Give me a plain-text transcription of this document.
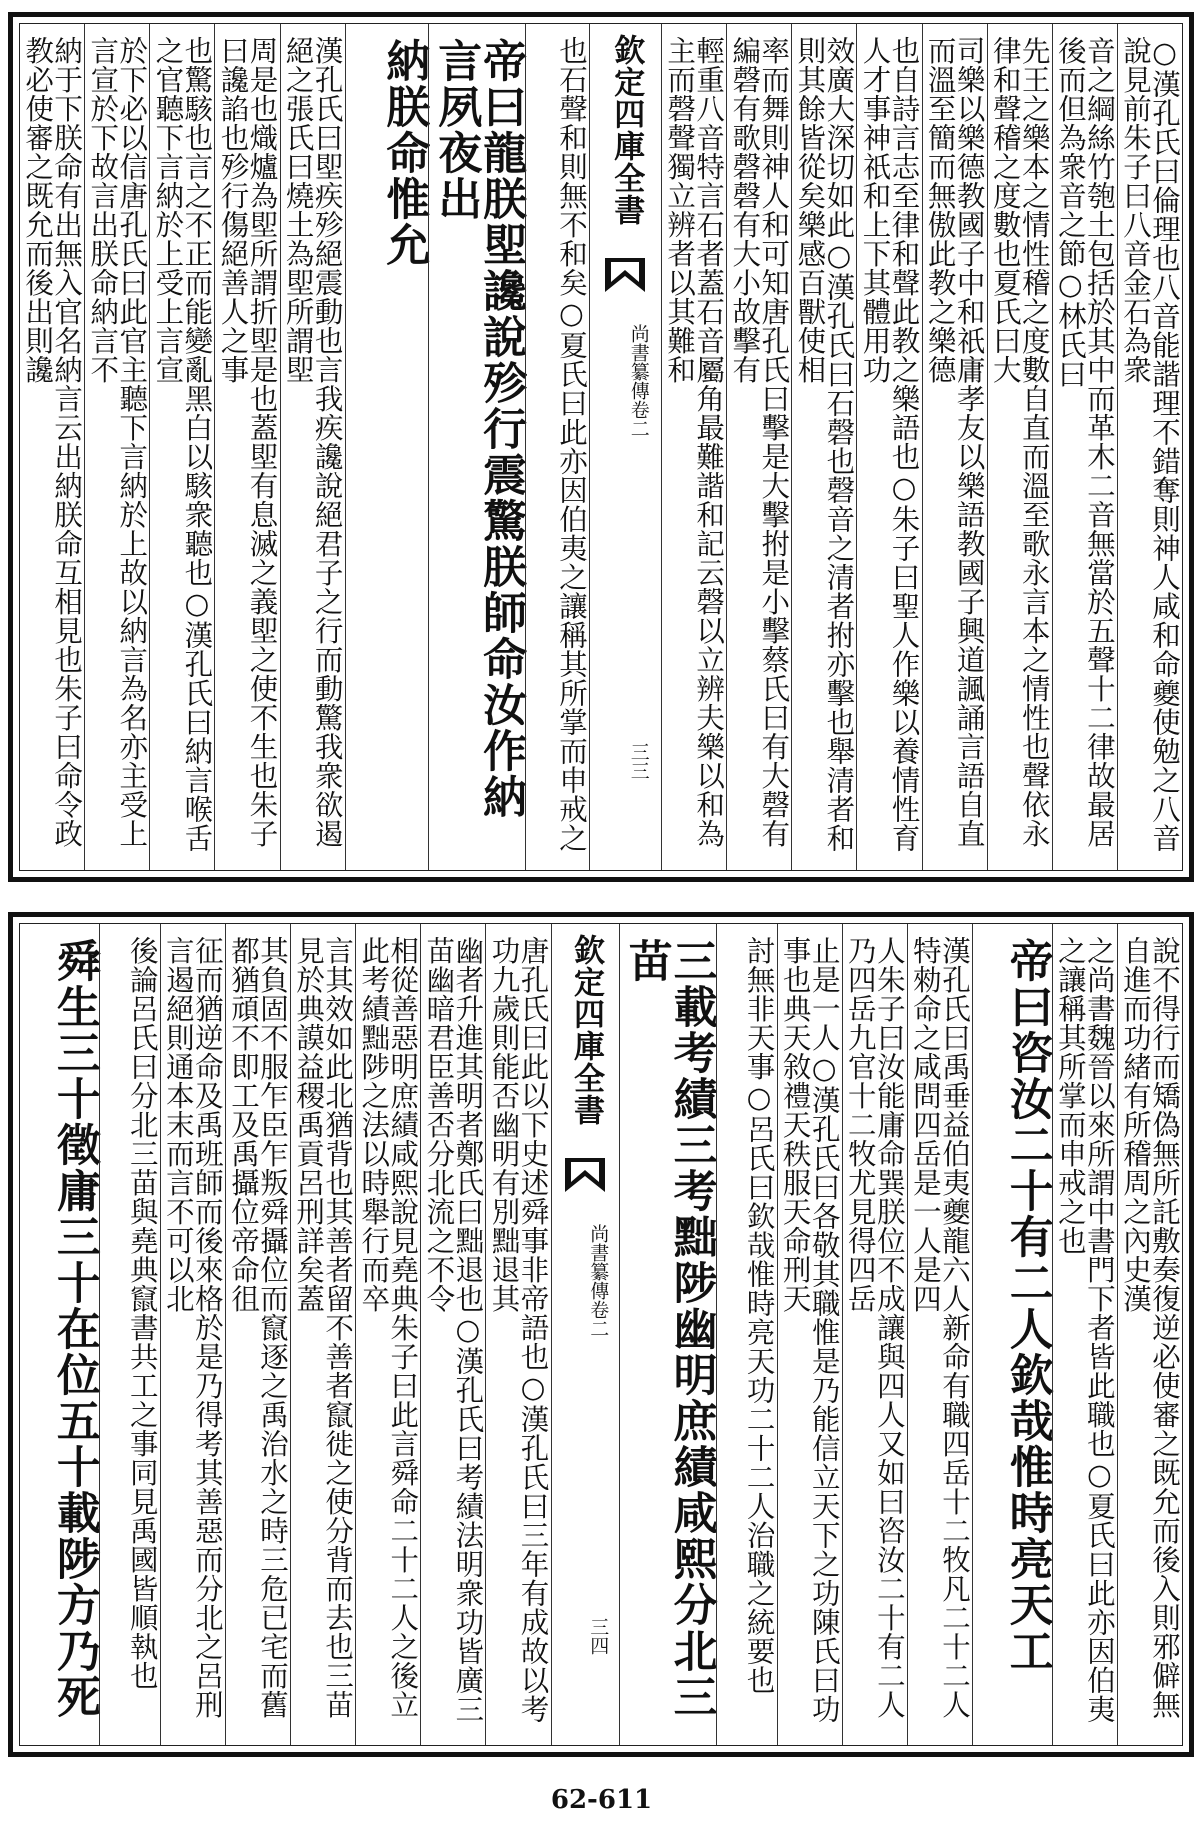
○漢孔氏曰倫理也八音能諧理不錯奪則神人咸和命夔使勉之八音說見前朱子曰八音金石為衆
音之綱絲竹匏土包括於其中而革木二音無當於五聲十二律故最居後而但為衆音之節○林氏曰
先王之樂本之情性稽之度數自直而溫至歌永言本之情性也聲依永律和聲稽之度數也夏氏曰大
司樂以樂德教國子中和祇庸孝友以樂語教國子興道諷誦言語自直而溫至簡而無傲此教之樂德
也自詩言志至律和聲此教之樂語也○朱子曰聖人作樂以養情性育人才事神祇和上下其體用功
效廣大深切如此○漢孔氏曰石磬也磬音之清者拊亦擊也舉清者和則其餘皆從矣樂感百獸使相
率而舞則神人和可知唐孔氏曰擊是大擊拊是小擊蔡氏曰有大磬有編磬有歌磬磬有大小故擊有
輕重八音特言石者蓋石音屬角最難諧和記云磬以立辨夫樂以和為主而磬聲獨立辨者以其難和
欽定四庫全書
尚書纂傳卷二
三三
也石聲和則無不和矣○夏氏曰此亦因伯夷之讓稱其所掌而申戒之
帝曰龍朕堲讒說殄行震驚朕師命汝作納言夙夜出
納朕命惟允
漢孔氏曰堲疾殄絕震動也言我疾讒說絕君子之行而動驚我衆欲遏絕之張氏曰燒土為堲所謂堲
周是也熾爐為堲所謂折堲是也蓋堲有息滅之義堲之使不生也朱子曰讒諂也殄行傷絕善人之事
也驚駭也言之不正而能變亂黑白以駭衆聽也○漢孔氏曰納言喉舌之官聽下言納於上受上言宣
於下必以信唐孔氏曰此官主聽下言納於上故以納言為名亦主受上言宣於下故言出朕命納言不
納于下朕命有出無入官名納言云出納朕命互相見也朱子曰命令政教必使審之既允而後出則讒
說不得行而矯偽無所託敷奏復逆必使審之既允而後入則邪僻無自進而功緒有所稽周之內史漢
之尚書魏晉以來所謂中書門下者皆此職也○夏氏曰此亦因伯夷之讓稱其所掌而申戒之也
帝曰咨汝二十有二人欽哉惟時亮天工
漢孔氏曰禹垂益伯夷夔龍六人新命有職四岳十二牧凡二十二人特勑命之咸問四岳是一人是四
人朱子曰汝能庸命巽朕位不成讓與四人又如曰咨汝二十有二人乃四岳九官十二牧尤見得四岳
止是一人○漢孔氏曰各敬其職惟是乃能信立天下之功陳氏曰功事也典天敘禮天秩服天命刑天
討無非天事○呂氏曰欽哉惟時亮天功二十二人治職之統要也
三載考績三考黜陟幽明庶績咸熙分北三苗
欽定四庫全書
尚書纂傳卷二
三四
唐孔氏曰此以下史述舜事非帝語也○漢孔氏曰三年有成故以考功九歲則能否幽明有別黜退其
幽者升進其明者鄭氏曰黜退也○漢孔氏曰考績法明衆功皆廣三苗幽暗君臣善否分北流之不令
相從善惡明庶績咸熙說見堯典朱子曰此言舜命二十二人之後立此考績黜陟之法以時舉行而卒
言其效如此北猶背也其善者留不善者竄徙之使分背而去也三苗見於典謨益稷禹貢呂刑詳矣蓋
其負固不服乍臣乍叛舜攝位而竄逐之禹治水之時三危已宅而舊都猶頑不即工及禹攝位帝命徂
征而猶逆命及禹班師而後來格於是乃得考其善惡而分北之呂刑言遏絕則通本末而言不可以北
後論呂氏曰分北三苗與堯典竄書共工之事同見禹國皆順執也
舜生三十徵庸三十在位五十載陟方乃死
62-611
